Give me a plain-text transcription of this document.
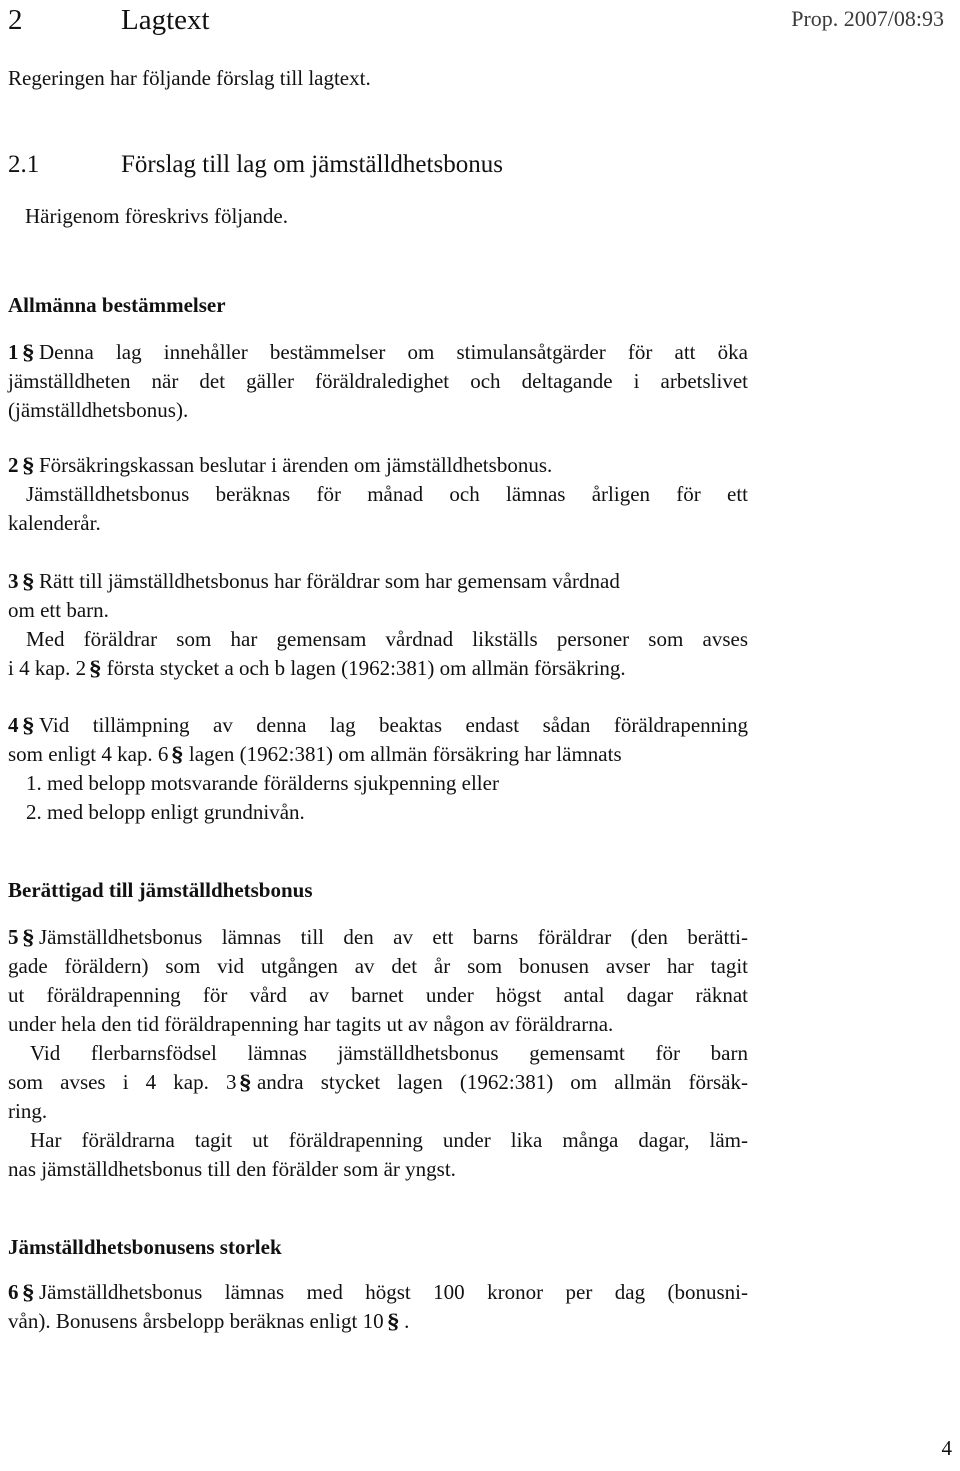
2	Lagtext	Prop. 2007/08:93
Regeringen har följande förslag till lagtext.
2.1	Förslag till lag om jämställdhetsbonus
Härigenom föreskrivs följande.
Allmänna bestämmelser
1 § Denna lag innehåller bestämmelser om stimulansåtgärder för att öka
jämställdheten när det gäller föräldraledighet och deltagande i arbetslivet
(jämställdhetsbonus).
2 § Försäkringskassan beslutar i ärenden om jämställdhetsbonus.
Jämställdhetsbonus beräknas för månad och lämnas årligen för ett
kalenderår.
3 § Rätt till jämställdhetsbonus har föräldrar som har gemensam vårdnad
om ett barn.
Med föräldrar som har gemensam vårdnad likställs personer som avses
i 4 kap. 2 § första stycket a och b lagen (1962:381) om allmän försäkring.
4 § Vid tillämpning av denna lag beaktas endast sådan föräldrapenning
som enligt 4 kap. 6 § lagen (1962:381) om allmän försäkring har lämnats
1. med belopp motsvarande förälderns sjukpenning eller
2. med belopp enligt grundnivån.
Berättigad till jämställdhetsbonus
5 § Jämställdhetsbonus lämnas till den av ett barns föräldrar (den berätti-
gade föräldern) som vid utgången av det år som bonusen avser har tagit
ut föräldrapenning för vård av barnet under högst antal dagar räknat
under hela den tid föräldrapenning har tagits ut av någon av föräldrarna.
Vid flerbarnsfödsel lämnas jämställdhetsbonus gemensamt för barn
som avses i 4 kap. 3 § andra stycket lagen (1962:381) om allmän försäk-
ring.
Har föräldrarna tagit ut föräldrapenning under lika många dagar, läm-
nas jämställdhetsbonus till den förälder som är yngst.
Jämställdhetsbonusens storlek
6 § Jämställdhetsbonus lämnas med högst 100 kronor per dag (bonusni-
vån). Bonusens årsbelopp beräknas enligt 10 § .
4
